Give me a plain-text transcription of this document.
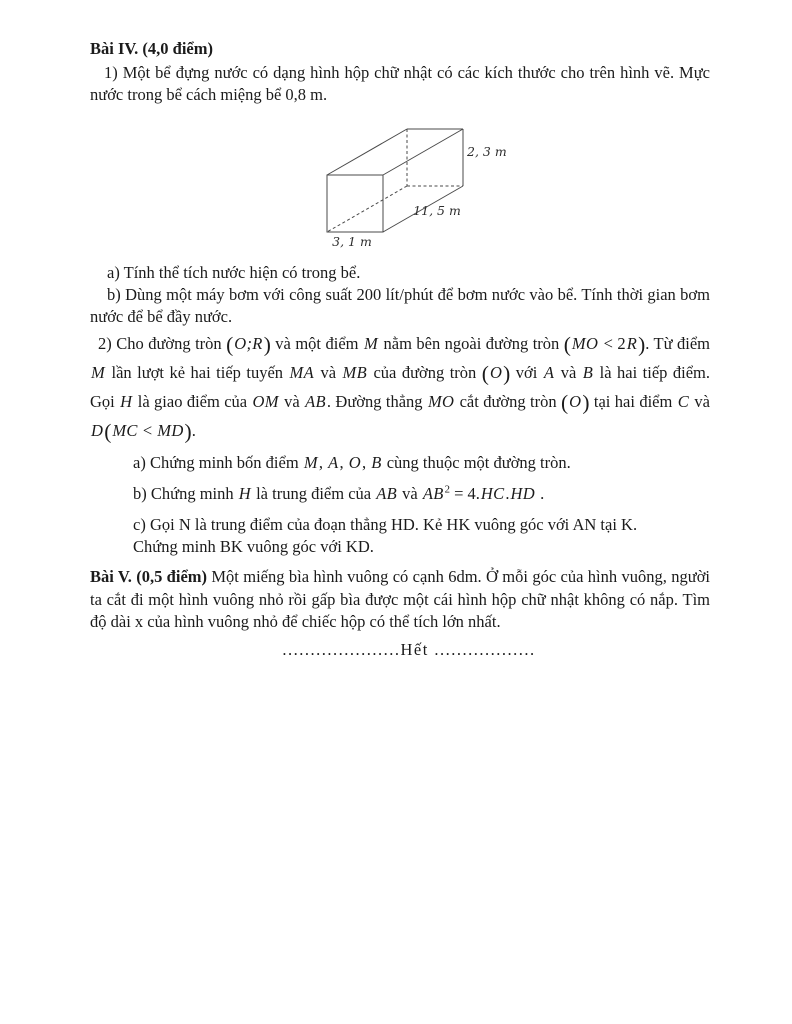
Bài IV. (4,0 điểm)

1) Một bể đựng nước có dạng hình hộp chữ nhật có các kích thước cho trên hình vẽ. Mực nước trong bể cách miệng bể 0,8 m.

2, 3 m
11, 5 m
3, 1 m

a) Tính thể tích nước hiện có trong bể.

b) Dùng một máy bơm với công suất 200 lít/phút để bơm nước vào bể. Tính thời gian bơm nước để bể đầy nước.

2) Cho đường tròn (O;R) và một điểm M nằm bên ngoài đường tròn (MO < 2R). Từ điểm M lần lượt kẻ hai tiếp tuyến MA và MB của đường tròn (O) với A và B là hai tiếp điểm. Gọi H là giao điểm của OM và AB. Đường thẳng MO cắt đường tròn (O) tại hai điểm C và D(MC < MD).

a) Chứng minh bốn điểm M, A, O, B cùng thuộc một đường tròn.

b) Chứng minh H là trung điểm của AB và $AB^2 = 4.HC.HD$ .

c) Gọi N là trung điểm của đoạn thẳng HD. Kẻ HK vuông góc với AN tại K.

Chứng minh BK vuông góc với KD.

Bài V. (0,5 điểm) Một miếng bìa hình vuông có cạnh 6dm. Ở mỗi góc của hình vuông, người ta cắt đi một hình vuông nhỏ rồi gấp bìa được một cái hình hộp chữ nhật không có nắp. Tìm độ dài x của hình vuông nhỏ để chiếc hộp có thể tích lớn nhất.

.....................Hết ..................
